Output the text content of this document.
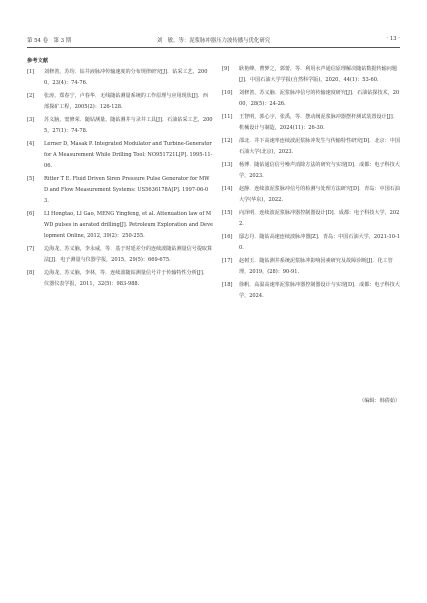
第 54 卷　第 3 期	刘　敏，等：泥浆脉冲器压力波传播与优化研究	· 13 ·
参考文献
[1]	刘修善，苏均．钻井液脉冲传输速度的分布规律研究[J]．钻采工艺，2000，23(4)：74-76.
[2]	张涛，郑春宁，卢春华．无线随钻测量系统的工作原理与应用现状[J]．西部探矿工程，2005(2)：126-128.
[3]	苏义脑，窦修荣．随钻测量、随钻测井与录井工具[J]．石油钻采工艺，2005，27(1)：74-78.
[4]	Lerner D, Masak P. Integrated Modulator and Turbine-Generator for A Measurement While Drilling Tool: NO951721L[P]. 1995-11-06.
[5]	Ritter T E. Fluid Driven Siren Pressure Pulse Generator for MWD and Flow Measurement Systems: US5636178A[P]. 1997-06-03.
[6]	LI Hongtao, LI Gao, MENG Yingfeng, et al. Attenuation law of MWD pulses in aerated drilling[J]. Petroleum Exploration and Development Online, 2012, 39(2)：250-255.
[7]	边海龙，苏义脑，李永威，等．基于时延差分的连续波随钻测量信号提取算法[J]．电子测量与仪器学报，2015，29(5)：669-675.
[8]	边海龙，苏义脑，李林，等．连续波随钻测量信号并于传输特性分析[J]．仪器仪表学报，2011，32(5)：983-988.
[9]	耿艳峰，曹梦之，郭蕾，等．利用水声通信原理解决随钻数据传输问题[J]．中国石油大学学报(自然科学版)，2020，44(1)：53-60.
[10]	刘修善，苏义脑．泥浆脉冲信号的传输速度研究[J]．石油钻探技术，2000，28(5)：24-26.
[11]	王智明，郭心宇，张禹，等．摆动阀泥浆脉冲器摆杆测试装置设计[J]．机械设计与制造，2024(11)：26-30.
[12]	邵北．井下高速率连续波泥浆脉冲发生与传输特性研究[D]．北京：中国石油大学(北京)，2023.
[13]	杨博．随钻通信信号噪声消除方法的研究与实现[D]．成都：电子科技大学，2023.
[14]	赵静．连续波泥浆脉冲信号的检测与处理方法研究[D]．青岛：中国石油大学(华东)，2022.
[15]	向泽明．连续波泥浆脉冲器控制器设计[D]．成都：电子科技大学，2022.
[16]	邸志丹．随钻高速连续波脉冲器[Z]．青岛：中国石油大学，2021-10-10.
[17]	赵树玉．随钻测井系统泥浆脉冲影响因素研究及故障诊断[J]．化工管理，2019，(28)：90-91.
[18]	徐帆．高温高速率泥浆脉冲器控制器设计与实现[D]．成都：电子科技大学，2024.
（编辑：韩倩茹）
